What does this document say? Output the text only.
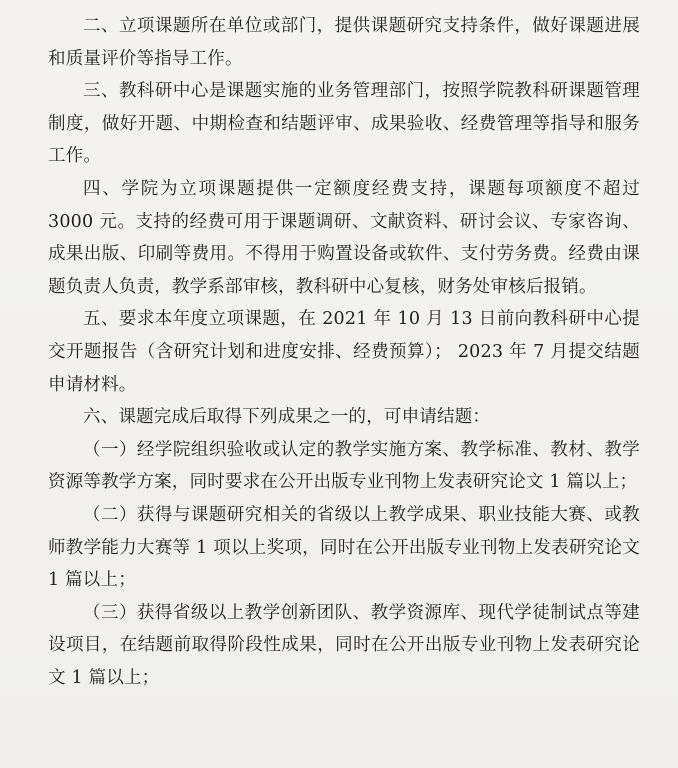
二、立项课题所在单位或部门，提供课题研究支持条件，做好课题进展和质量评价等指导工作。

三、教科研中心是课题实施的业务管理部门，按照学院教科研课题管理制度，做好开题、中期检查和结题评审、成果验收、经费管理等指导和服务工作。

四、学院为立项课题提供一定额度经费支持，课题每项额度不超过 3000 元。支持的经费可用于课题调研、文献资料、研讨会议、专家咨询、成果出版、印刷等费用。不得用于购置设备或软件、支付劳务费。经费由课题负责人负责，教学系部审核，教科研中心复核，财务处审核后报销。

五、要求本年度立项课题，在 2021 年 10 月 13 日前向教科研中心提交开题报告（含研究计划和进度安排、经费预算）； 2023 年 7 月提交结题申请材料。

六、课题完成后取得下列成果之一的，可申请结题：

（一）经学院组织验收或认定的教学实施方案、教学标准、教材、教学资源等教学方案，同时要求在公开出版专业刊物上发表研究论文 1 篇以上；

（二）获得与课题研究相关的省级以上教学成果、职业技能大赛、或教师教学能力大赛等 1 项以上奖项，同时在公开出版专业刊物上发表研究论文 1 篇以上；

（三）获得省级以上教学创新团队、教学资源库、现代学徒制试点等建设项目，在结题前取得阶段性成果，同时在公开出版专业刊物上发表研究论文 1 篇以上；
